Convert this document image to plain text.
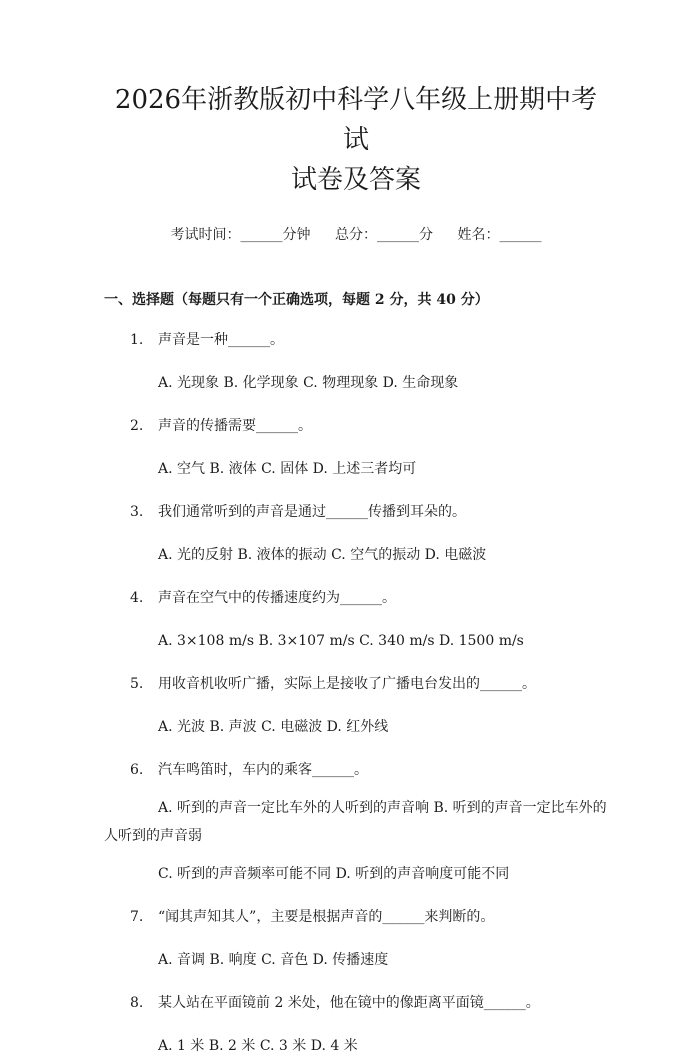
2026年浙教版初中科学八年级上册期中考试
试卷及答案
考试时间：______分钟 总分：______分 姓名：______
一、选择题（每题只有一个正确选项，每题 2 分，共 40 分）
1.	声音是一种______。
A. 光现象 B. 化学现象 C. 物理现象 D. 生命现象
2.	声音的传播需要______。
A. 空气 B. 液体 C. 固体 D. 上述三者均可
3.	我们通常听到的声音是通过______传播到耳朵的。
A. 光的反射 B. 液体的振动 C. 空气的振动 D. 电磁波
4.	声音在空气中的传播速度约为______。
A. 3×108 m/s B. 3×107 m/s C. 340 m/s D. 1500 m/s
5.	用收音机收听广播，实际上是接收了广播电台发出的______。
A. 光波 B. 声波 C. 电磁波 D. 红外线
6.	汽车鸣笛时，车内的乘客______。
A. 听到的声音一定比车外的人听到的声音响 B. 听到的声音一定比车外的人听到的声音弱
C. 听到的声音频率可能不同 D. 听到的声音响度可能不同
7.	“闻其声知其人”，主要是根据声音的______来判断的。
A. 音调 B. 响度 C. 音色 D. 传播速度
8.	某人站在平面镜前 2 米处，他在镜中的像距离平面镜______。
A. 1 米 B. 2 米 C. 3 米 D. 4 米
